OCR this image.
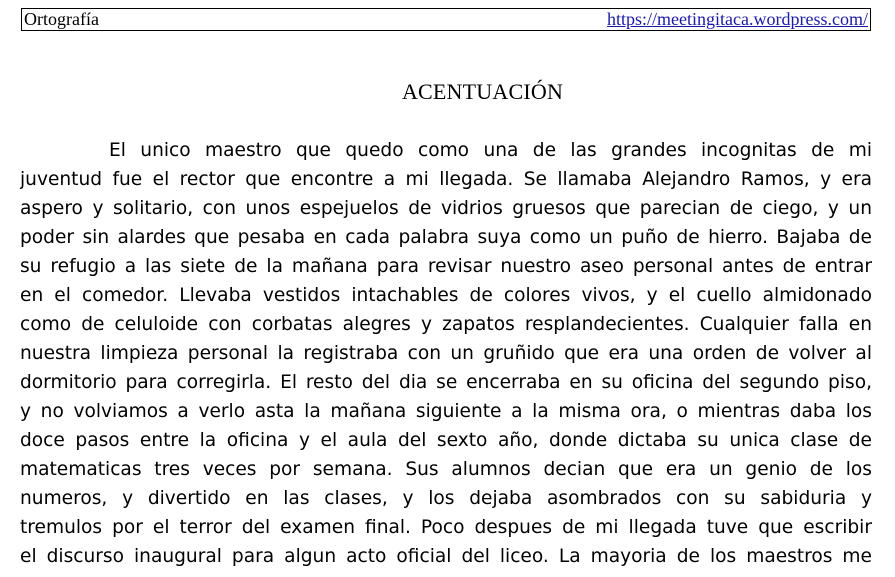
Ortografía	https://meetingitaca.wordpress.com/
ACENTUACIÓN
El unico maestro que quedo como una de las grandes incognitas de mi
juventud fue el rector que encontre a mi llegada. Se llamaba Alejandro Ramos, y era
aspero y solitario, con unos espejuelos de vidrios gruesos que parecian de ciego, y un
poder sin alardes que pesaba en cada palabra suya como un puño de hierro. Bajaba de
su refugio a las siete de la mañana para revisar nuestro aseo personal antes de entrar
en el comedor. Llevaba vestidos intachables de colores vivos, y el cuello almidonado
como de celuloide con corbatas alegres y zapatos resplandecientes. Cualquier falla en
nuestra limpieza personal la registraba con un gruñido que era una orden de volver al
dormitorio para corregirla. El resto del dia se encerraba en su oficina del segundo piso,
y no volviamos a verlo asta la mañana siguiente a la misma ora, o mientras daba los
doce pasos entre la oficina y el aula del sexto año, donde dictaba su unica clase de
matematicas tres veces por semana. Sus alumnos decian que era un genio de los
numeros, y divertido en las clases, y los dejaba asombrados con su sabiduria y
tremulos por el terror del examen final. Poco despues de mi llegada tuve que escribir
el discurso inaugural para algun acto oficial del liceo. La mayoria de los maestros me
